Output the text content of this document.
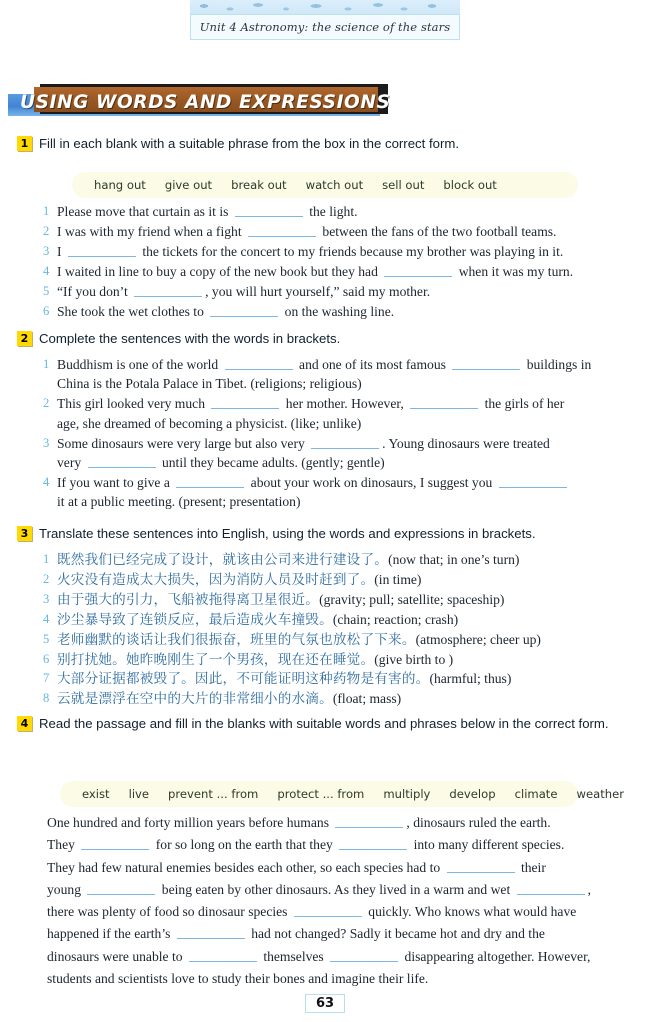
Unit 4 Astronomy: the science of the stars
USING WORDS AND EXPRESSIONS
1 Fill in each blank with a suitable phrase from the box in the correct form.
hang out give out break out watch out sell out block out
1 Please move that curtain as it is	the light.
2 I was with my friend when a fight	between the fans of the two football teams.
3 I	the tickets for the concert to my friends because my brother was playing in it.
4 I waited in line to buy a copy of the new book but they had	when it was my turn.
5 “If you don’t	, you will hurt yourself,” said my mother.
6 She took the wet clothes to	on the washing line.
2 Complete the sentences with the words in brackets.
1 Buddhism is one of the world	and one of its most famous	buildings in
China is the Potala Palace in Tibet. (religions; religious)
2 This girl looked very much	her mother. However,	the girls of her
age, she dreamed of becoming a physicist. (like; unlike)
3 Some dinosaurs were very large but also very	. Young dinosaurs were treated
very	until they became adults. (gently; gentle)
4 If you want to give a	about your work on dinosaurs, I suggest you
it at a public meeting. (present; presentation)
3 Translate these sentences into English, using the words and expressions in brackets.
1 既然我们已经完成了设计，就该由公司来进行建设了。(now that; in one’s turn)
2 火灾没有造成太大损失，因为消防人员及时赶到了。(in time)
3 由于强大的引力，飞船被拖得离卫星很近。(gravity; pull; satellite; spaceship)
4 沙尘暴导致了连锁反应，最后造成火车撞毁。(chain; reaction; crash)
5 老师幽默的谈话让我们很振奋，班里的气氛也放松了下来。(atmosphere; cheer up)
6 别打扰她。她昨晚刚生了一个男孩，现在还在睡觉。(give birth to )
7 大部分证据都被毁了。因此，不可能证明这种药物是有害的。(harmful; thus)
8 云就是漂浮在空中的大片的非常细小的水滴。(float; mass)
4 Read the passage and fill in the blanks with suitable words and phrases below in the correct form.
exist live prevent ... from protect ... from multiply develop climate weather
One hundred and forty million years before humans	, dinosaurs ruled the earth.
They	for so long on the earth that they	into many different species.
They had few natural enemies besides each other, so each species had to	their
young	being eaten by other dinosaurs. As they lived in a warm and wet	,
there was plenty of food so dinosaur species	quickly. Who knows what would have
happened if the earth’s	had not changed? Sadly it became hot and dry and the
dinosaurs were unable to	themselves	disappearing altogether. However,
students and scientists love to study their bones and imagine their life.
63
